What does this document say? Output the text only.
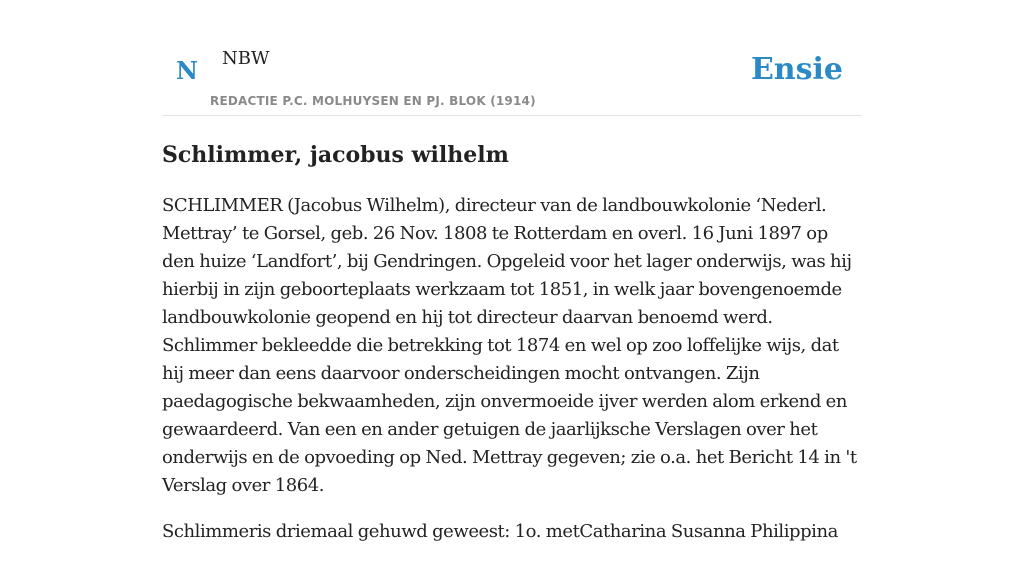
N NBW
REDACTIE P.C. MOLHUYSEN EN PJ. BLOK (1914)
Ensie
Schlimmer, jacobus wilhelm

SCHLIMMER (Jacobus Wilhelm), directeur van de landbouwkolonie ‘Nederl. Mettray’ te Gorsel, geb. 26 Nov. 1808 te Rotterdam en overl. 16 Juni 1897 op den huize ‘Landfort’, bij Gendringen. Opgeleid voor het lager onderwijs, was hij hierbij in zijn geboorteplaats werkzaam tot 1851, in welk jaar bovengenoemde landbouwkolonie geopend en hij tot directeur daarvan benoemd werd. Schlimmer bekleedde die betrekking tot 1874 en wel op zoo loffelijke wijs, dat hij meer dan eens daarvoor onderscheidingen mocht ontvangen. Zijn paedagogische bekwaamheden, zijn onvermoeide ijver werden alom erkend en gewaardeerd. Van een en ander getuigen de jaarlijksche Verslagen over het onderwijs en de opvoeding op Ned. Mettray gegeven; zie o.a. het Bericht 14 in 't Verslag over 1864.

Schlimmeris driemaal gehuwd geweest: 1o. metCatharina Susanna Philippina
